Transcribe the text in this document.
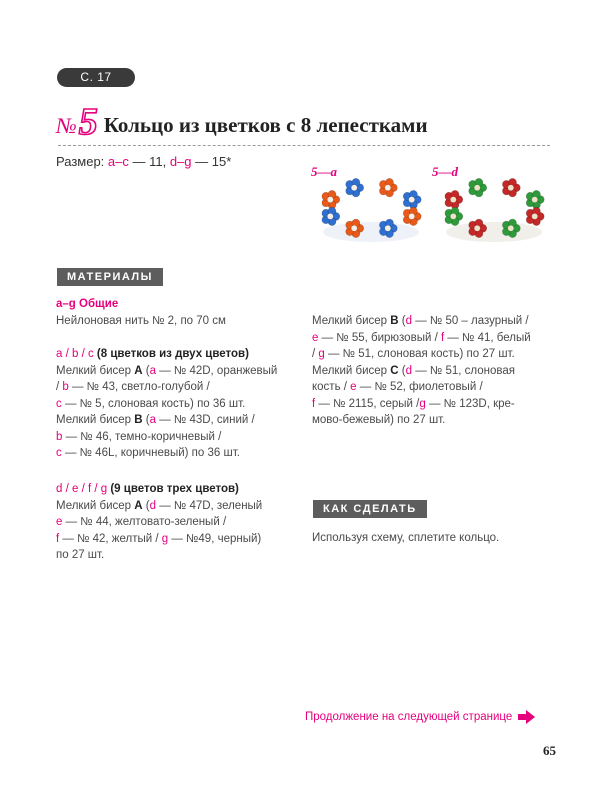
С. 17
№ 5 Кольцо из цветков с 8 лепестками
Размер: a–c — 11, d–g — 15*
5—a	5—d
МАТЕРИАЛЫ
a–g Общие
Нейлоновая нить № 2, по 70 см
a / b / c (8 цветков из двух цветов)
Мелкий бисер А (a — № 42D, оранжевый
/ b — № 43, светло-голубой /
c — № 5, слоновая кость) по 36 шт.
Мелкий бисер В (a — № 43D, синий /
b — № 46, темно-коричневый /
c — № 46L, коричневый) по 36 шт.
d / e / f / g (9 цветов трех цветов)
Мелкий бисер А (d — № 47D, зеленый
e — № 44, желтовато-зеленый /
f — № 42, желтый / g — №49, черный)
по 27 шт.
Мелкий бисер В (d — № 50 – лазурный /
e — № 55, бирюзовый / f — № 41, белый
/ g — № 51, слоновая кость) по 27 шт.
Мелкий бисер С (d — № 51, слоновая
кость / e — № 52, фиолетовый /
f — № 2115, серый /g — № 123D, кре-
мово-бежевый) по 27 шт.
КАК СДЕЛАТЬ
Используя схему, сплетите кольцо.
Продолжение на следующей странице
65
